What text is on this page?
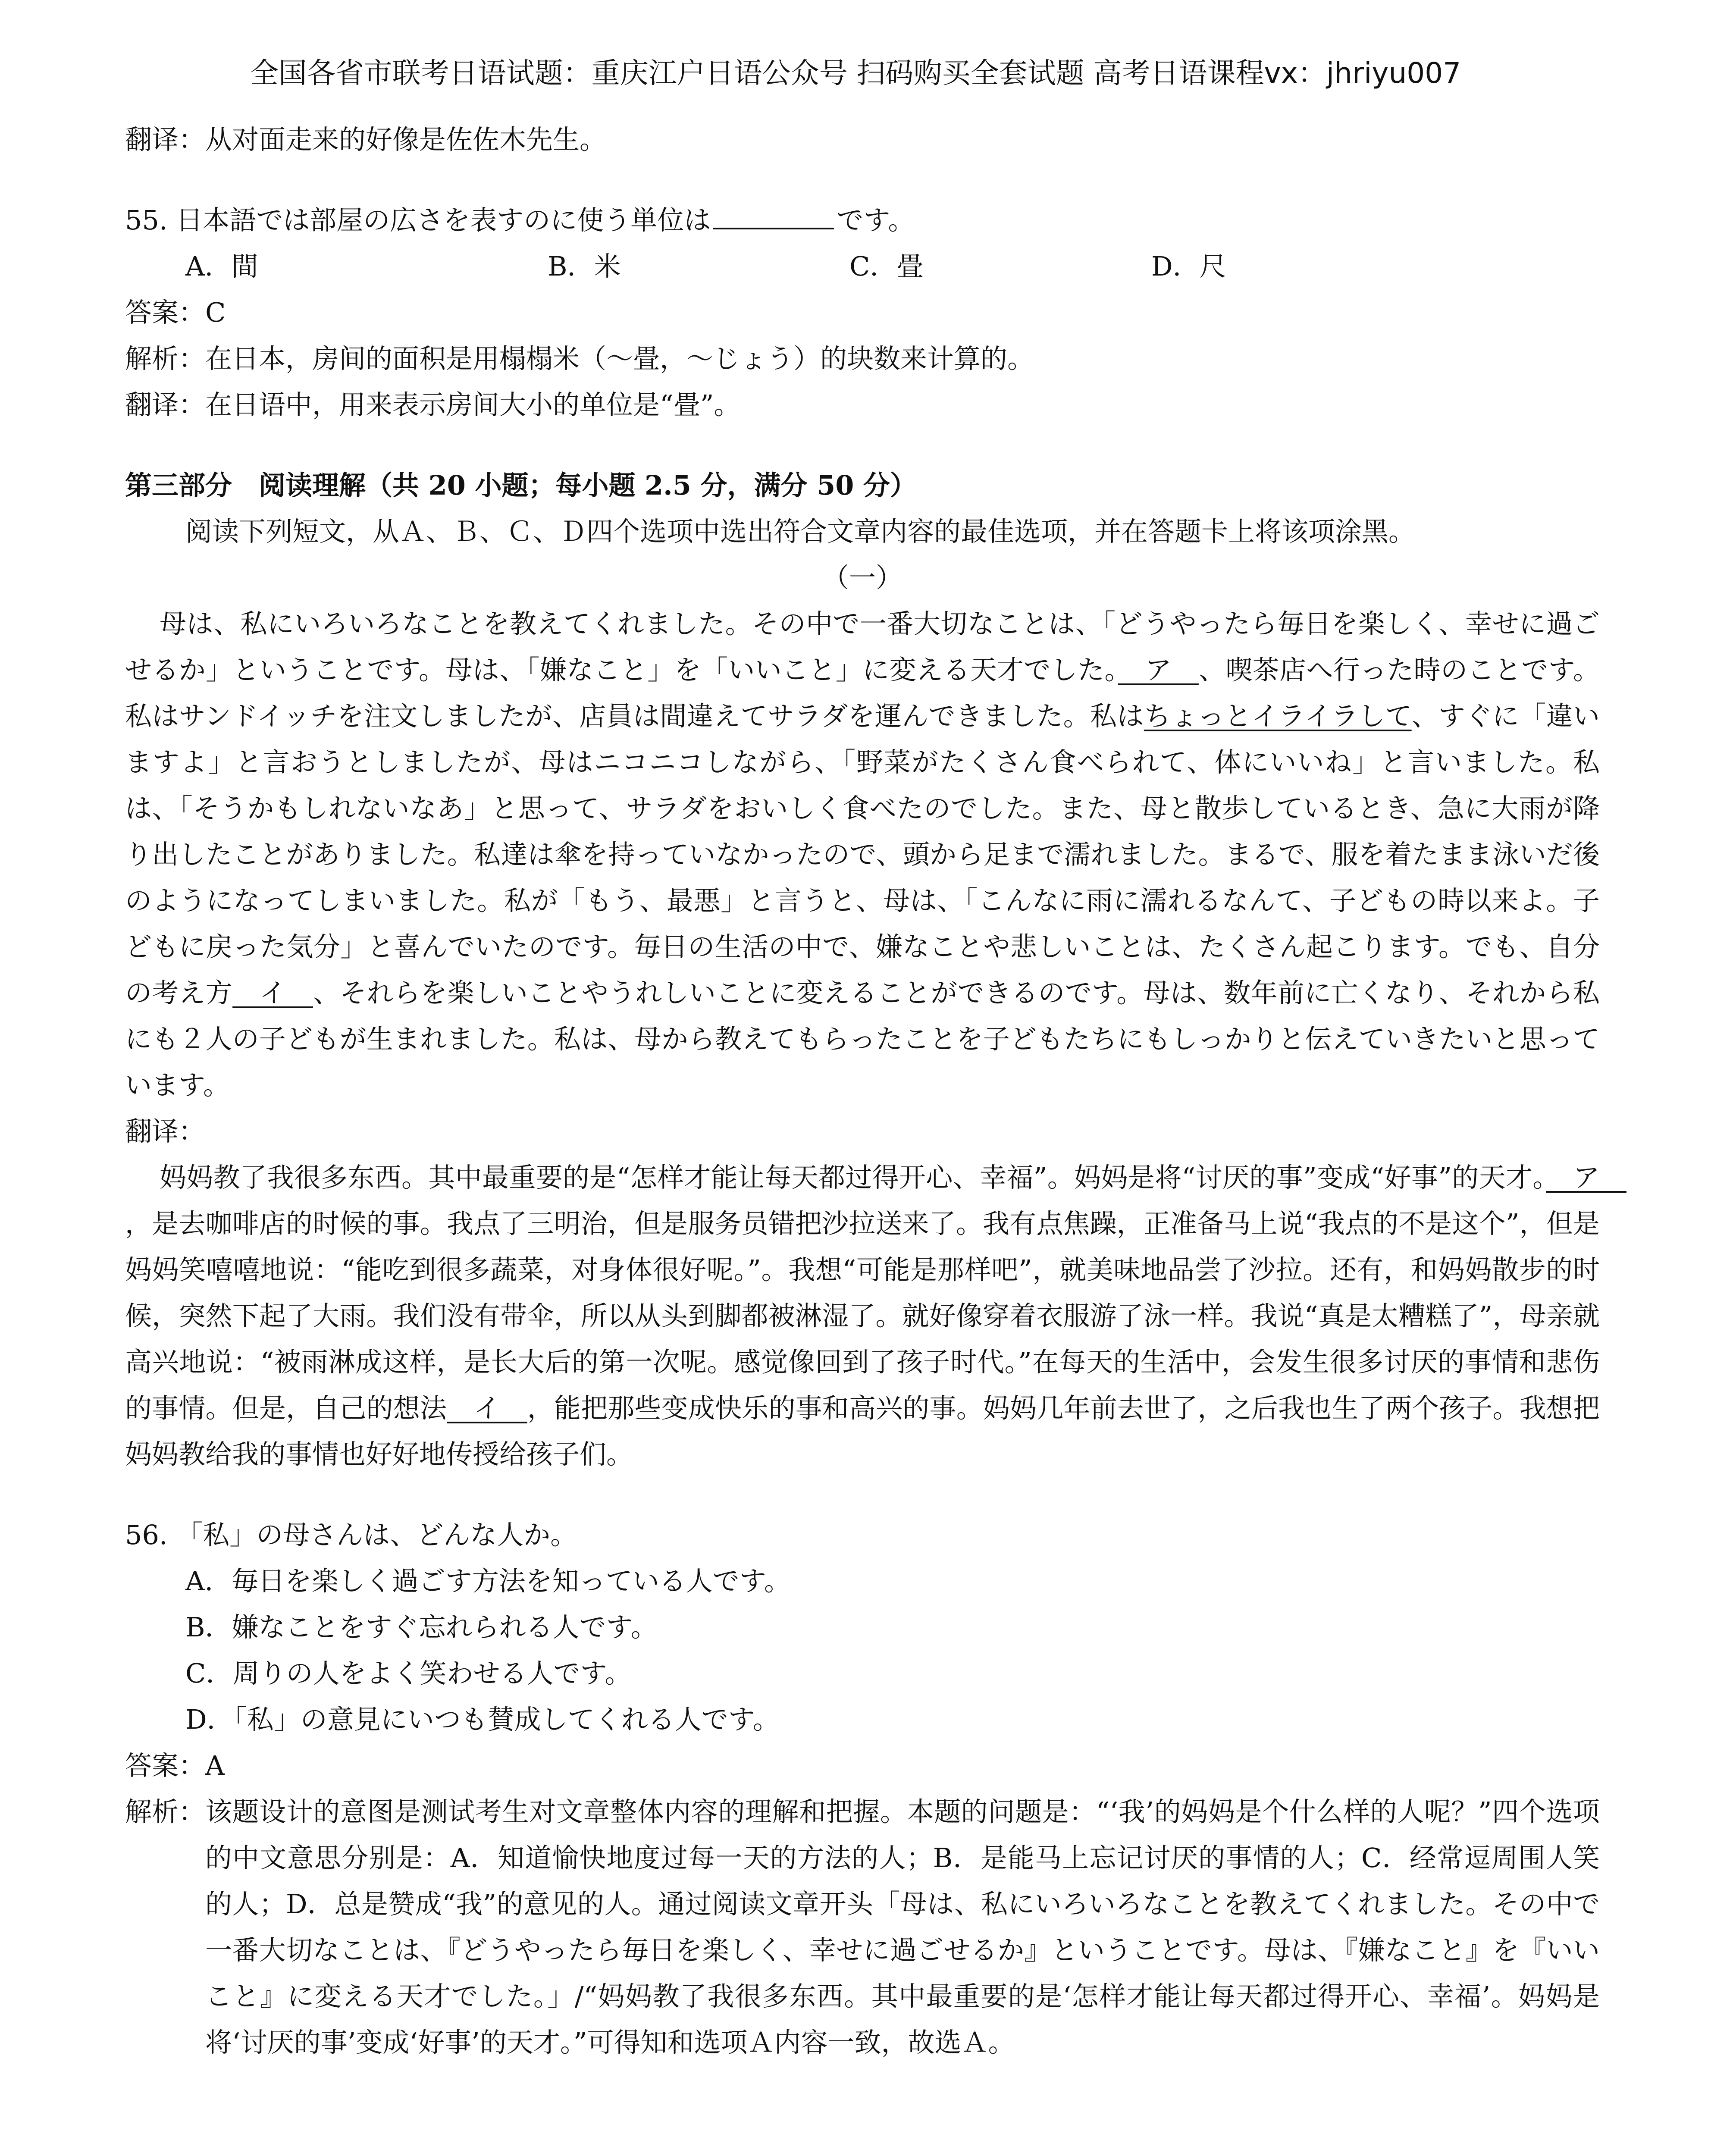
全国各省市联考日语试题：重庆江户日语公众号 扫码购买全套试题 高考日语课程vx：jhriyu007
翻译：从对面走来的好像是佐佐木先生。
55. 日本語では部屋の広さを表すのに使う単位は	です。
A．間	B．米	C．畳	D．尺
答案：C
解析：在日本，房间的面积是用榻榻米（～畳，～じょう）的块数来计算的。
翻译：在日语中，用来表示房间大小的单位是“畳”。
第三部分　阅读理解（共 20 小题；每小题 2.5 分，满分 50 分）
阅读下列短文，从Ａ、Ｂ、Ｃ、Ｄ四个选项中选出符合文章内容的最佳选项，并在答题卡上将该项涂黑。
（一）
母は、私にいろいろなことを教えてくれました。その中で一番大切なことは、「どうやったら毎日を楽しく、幸せに過ごせるか」ということです。母は、「嫌なこと」を「いいこと」に変える天才でした。　ア　、喫茶店へ行った時のことです。私はサンドイッチを注文しましたが、店員は間違えてサラダを運んできました。私はちょっとイライラして、すぐに「違いますよ」と言おうとしましたが、母はニコニコしながら、「野菜がたくさん食べられて、体にいいね」と言いました。私は、「そうかもしれないなあ」と思って、サラダをおいしく食べたのでした。また、母と散歩しているとき、急に大雨が降り出したことがありました。私達は傘を持っていなかったので、頭から足まで濡れました。まるで、服を着たまま泳いだ後のようになってしまいました。私が「もう、最悪」と言うと、母は、「こんなに雨に濡れるなんて、子どもの時以来よ。子どもに戻った気分」と喜んでいたのです。毎日の生活の中で、嫌なことや悲しいことは、たくさん起こります。でも、自分の考え方　イ　、それらを楽しいことやうれしいことに変えることができるのです。母は、数年前に亡くなり、それから私にも２人の子どもが生まれました。私は、母から教えてもらったことを子どもたちにもしっかりと伝えていきたいと思っています。
翻译：
妈妈教了我很多东西。其中最重要的是“怎样才能让每天都过得开心、幸福”。妈妈是将“讨厌的事”变成“好事”的天才。　ア　，是去咖啡店的时候的事。我点了三明治，但是服务员错把沙拉送来了。我有点焦躁，正准备马上说“我点的不是这个”，但是妈妈笑嘻嘻地说：“能吃到很多蔬菜，对身体很好呢。”。我想“可能是那样吧”，就美味地品尝了沙拉。还有，和妈妈散步的时候，突然下起了大雨。我们没有带伞，所以从头到脚都被淋湿了。就好像穿着衣服游了泳一样。我说“真是太糟糕了”，母亲就高兴地说：“被雨淋成这样，是长大后的第一次呢。感觉像回到了孩子时代。”在每天的生活中，会发生很多讨厌的事情和悲伤的事情。但是，自己的想法　イ　，能把那些变成快乐的事和高兴的事。妈妈几年前去世了，之后我也生了两个孩子。我想把妈妈教给我的事情也好好地传授给孩子们。
56. 「私」の母さんは、どんな人か。
A．毎日を楽しく過ごす方法を知っている人です。
B．嫌なことをすぐ忘れられる人です。
C．周りの人をよく笑わせる人です。
D．「私」の意見にいつも賛成してくれる人です。
答案：A
解析： 该题设计的意图是测试考生对文章整体内容的理解和把握。本题的问题是：“‘我’的妈妈是个什么样的人呢？”四个选项的中文意思分别是：A．知道愉快地度过每一天的方法的人；B．是能马上忘记讨厌的事情的人；C．经常逗周围人笑的人；D．总是赞成“我”的意见的人。通过阅读文章开头「母は、私にいろいろなことを教えてくれました。その中で一番大切なことは、『どうやったら毎日を楽しく、幸せに過ごせるか』ということです。母は、『嫌なこと』を『いいこと』に変える天才でした。」/“妈妈教了我很多东西。其中最重要的是‘怎样才能让每天都过得开心、幸福’。妈妈是将‘讨厌的事’变成‘好事’的天才。”可得知和选项Ａ内容一致，故选Ａ。
